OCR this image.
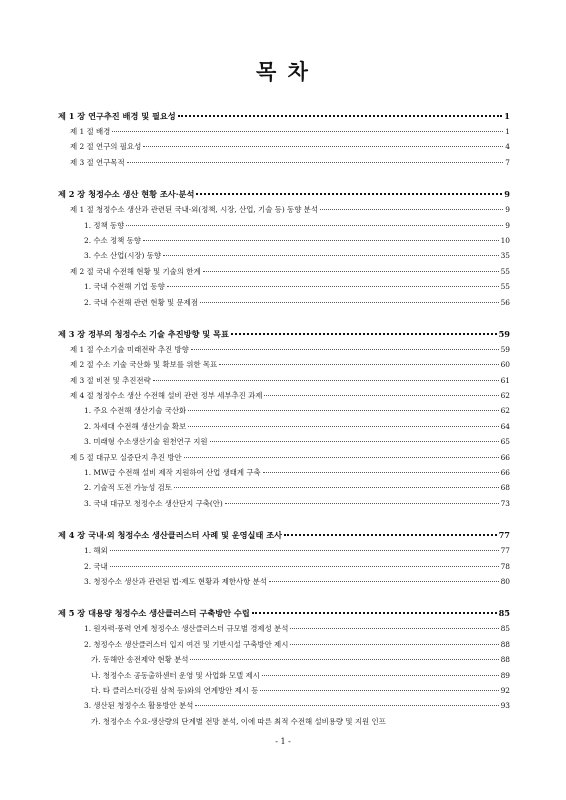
목 차
제 1 장 연구추진 배경 및 필요성	1
제 1 절 배경	1
제 2 절 연구의 필요성	4
제 3 절 연구목적	7
제 2 장 청정수소 생산 현황 조사·분석	9
제 1 절 청정수소 생산과 관련된 국내·외(정책, 시장, 산업, 기술 등) 동향 분석	9
1. 정책 동향	9
2. 수소 정책 동향	10
3. 수소 산업(시장) 동향	35
제 2 절 국내 수전해 현황 및 기술의 한계	55
1. 국내 수전해 기업 동향	55
2. 국내 수전해 관련 현황 및 문제점	56
제 3 장 정부의 청정수소 기술 추진방향 및 목표	59
제 1 절 수소기술 미래전략 추진 방향	59
제 2 절 수소 기술 국산화 및 확보를 위한 목표	60
제 3 절 비전 및 추진전략	61
제 4 절 청정수소 생산 수전해 설비 관련 정부 세부추진 과제	62
1. 주요 수전해 생산기술 국산화	62
2. 차세대 수전해 생산기술 확보	64
3. 미래형 수소생산기술 원천연구 지원	65
제 5 절 대규모 실증단지 추진 방안	66
1. MW급 수전해 설비 제작 지원하여 산업 생태계 구축	66
2. 기술적 도전 가능성 검토	68
3. 국내 대규모 청정수소 생산단지 구축(안)	73
제 4 장 국내·외 청정수소 생산클러스터 사례 및 운영실태 조사	77
1. 해외	77
2. 국내	78
3. 청정수소 생산과 관련된 법·제도 현황과 제한사항 분석	80
제 5 장 대용량 청정수소 생산클러스터 구축방안 수립	85
1. 원자력·풍력 연계 청정수소 생산클러스터 규모별 경제성 분석	85
2. 청정수소 생산클러스터 입지 여건 및 기반시설 구축방안 제시	88
가. 동해안 송전제약 현황 분석	88
나. 청정수소 공동출하센터 운영 및 사업화 모델 제시	89
다. 타 클러스터(강원 삼척 등)와의 연계방안 제시 등	92
3. 생산된 청정수소 활용방안 분석	93
가. 청정수소 수요-생산량의 단계별 전망 분석, 이에 따른 최적 수전해 설비용량 및 지원 인프
- 1 -
